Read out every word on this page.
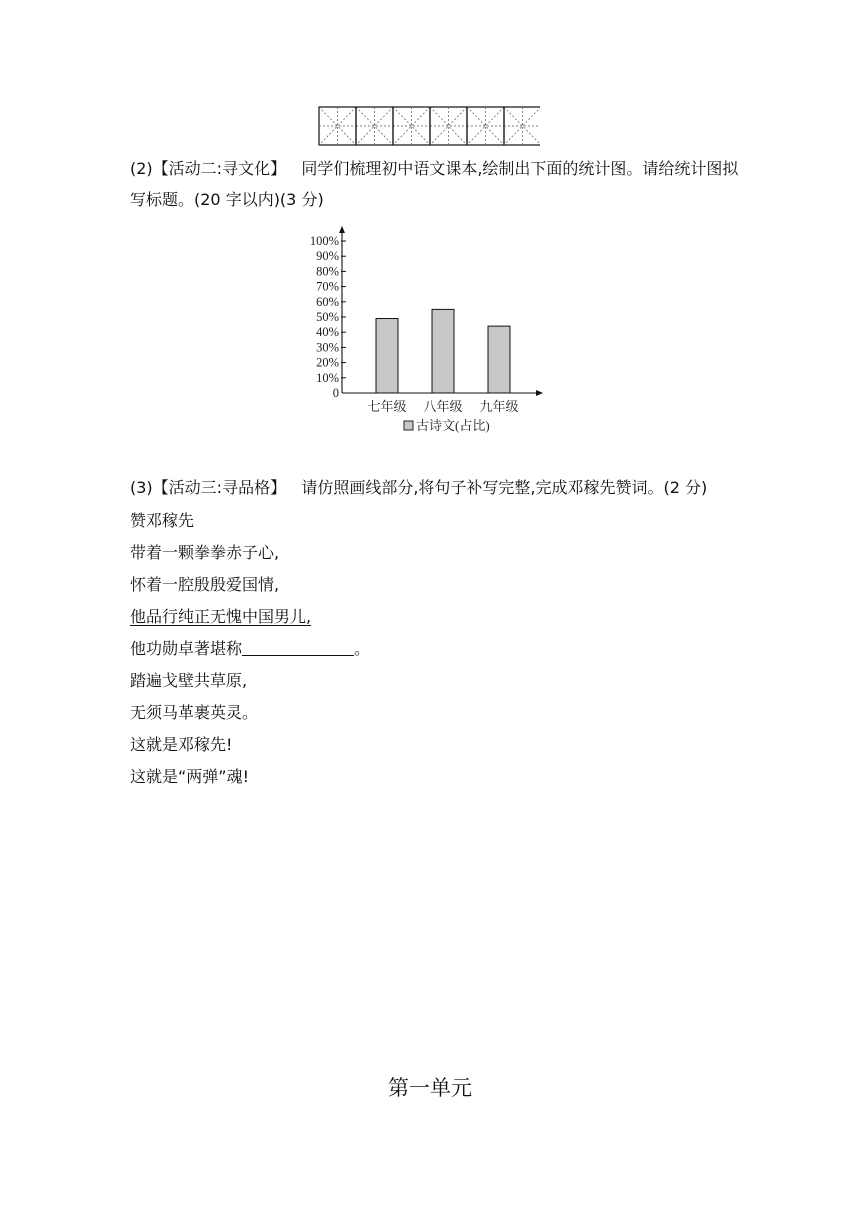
(2)【活动二:寻文化】 同学们梳理初中语文课本,绘制出下面的统计图。请给统计图拟写标题。(20 字以内)(3 分)
0
10%
20%
30%
40%
50%
60%
70%
80%
90%
100%
七年级 八年级 九年级
古诗文(占比)
(3)【活动三:寻品格】 请仿照画线部分,将句子补写完整,完成邓稼先赞词。(2 分)
赞邓稼先
带着一颗拳拳赤子心,
怀着一腔殷殷爱国情,
他品行纯正无愧中国男儿,
他功勋卓著堪称	。
踏遍戈壁共草原,
无须马革裹英灵。
这就是邓稼先!
这就是“两弹”魂!
第一单元
